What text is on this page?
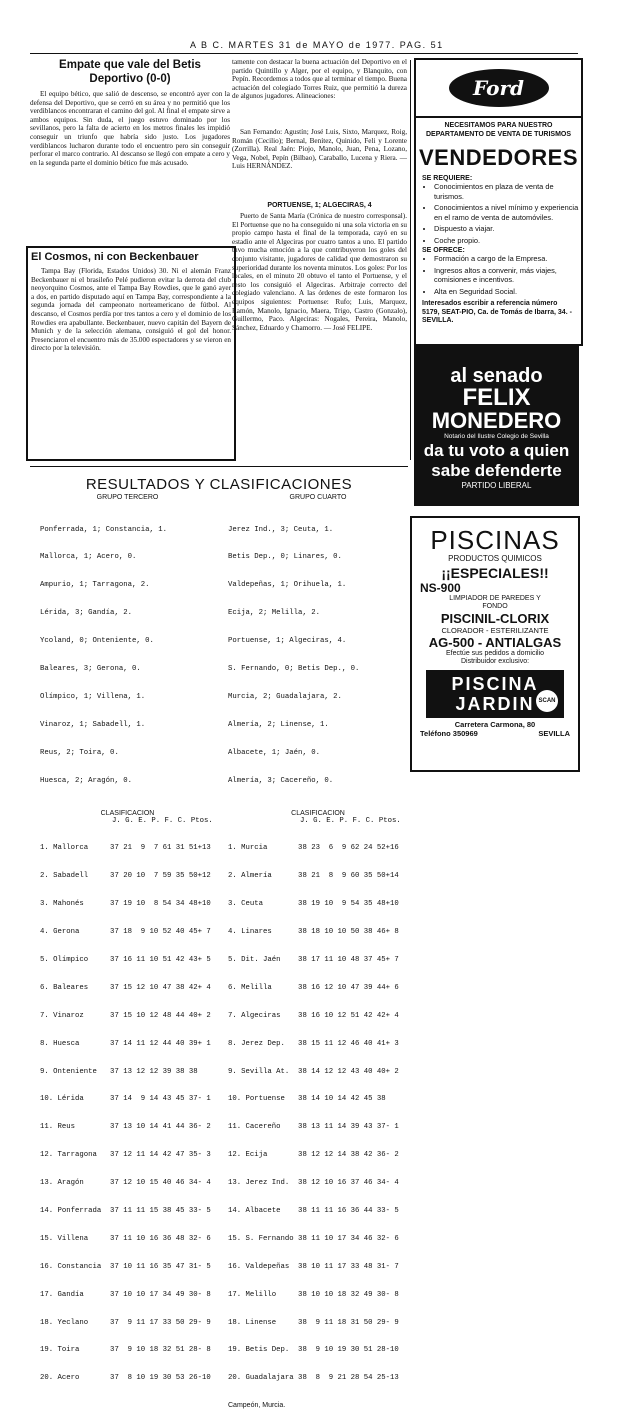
A B C. MARTES 31 de MAYO de 1977. PAG. 51
Empate que vale del Betis
Deportivo (0-0)
El equipo bético, que salió de descenso, se encontró ayer con la defensa del Deportivo, que se cerró en su área y no permitió que los verdiblancos encontraran el camino del gol. Al final el empate sirve a ambos equipos. Sin duda, el juego estuvo dominado por los sevillanos, pero la falta de acierto en los metros finales les impidió conseguir un triunfo que habría sido justo. Los jugadores verdiblancos lucharon durante todo el encuentro pero sin conseguir perforar el marco contrario. Al descanso se llegó con empate a cero y en la segunda parte el dominio bético fue más acusado.
El Cosmos, ni con Beckenbauer
Tampa Bay (Florida, Estados Unidos) 30. Ni el alemán Franz Beckenbauer ni el brasileño Pelé pudieron evitar la derrota del club neoyorquino Cosmos, ante el Tampa Bay Rowdies, que le ganó ayer a dos, en partido disputado aquí en Tampa Bay, correspondiente a la segunda jornada del campeonato norteamericano de fútbol. Al descanso, el Cosmos perdía por tres tantos a cero y el dominio de los Rowdies era apabullante. Beckenbauer, nuevo capitán del Bayern de Munich y de la selección alemana, consiguió el gol del honor. Presenciaron el encuentro más de 35.000 espectadores y se vieron en directo por la televisión.
tamente con destacar la buena actuación del Deportivo en el partido Quintillo y Alger, por el equipo, y Blanquito, con Pepín. Recordemos a todos que al terminar el tiempo. Buena actuación del colegiado Torres Ruiz, que permitió la dureza de algunos jugadores. Alineaciones:
San Fernando: Agustín; José Luis, Sixto, Marquez, Roig, Román (Cecilio); Bernal, Benítez, Quinido, Feli y Lorente (Zorrilla). Real Jaén: Piojo, Manolo, Juan, Pena, Lozano, Vega, Nobel, Pepín (Bilbao), Caraballo, Lucena y Riera. — Luis HERNÁNDEZ.
PORTUENSE, 1; ALGECIRAS, 4
Puerto de Santa María (Crónica de nuestro corresponsal). El Portuense que no ha conseguido ni una sola victoria en su propio campo hasta el final de la temporada, cayó en su estadio ante el Algeciras por cuatro tantos a uno. El partido tuvo mucha emoción a la que contribuyeron los goles del conjunto visitante, jugadores de calidad que demostraron su superioridad durante los noventa minutos. Los goles: Por los locales, en el minuto 20 obtuvo el tanto el Portuense, y el resto los consiguió el Algeciras. Arbitraje correcto del colegiado valenciano. A las órdenes de este formaron los equipos siguientes: Portuense: Rufo; Luis, Marquez, Ramón, Manolo, Ignacio, Maera, Trigo, Castro (Gonzalo), Guillermo, Paco. Algeciras: Nogales, Pereira, Manolo, Sánchez, Eduardo y Chamorro. — José FELIPE.
Ford
NECESITAMOS PARA NUESTRO DEPARTAMENTO DE VENTA DE TURISMOS
VENDEDORES
SE REQUIERE:
• Conocimientos en plaza de venta de turismos.
• Conocimientos a nivel mínimo y experiencia en el ramo de venta de automóviles.
• Dispuesto a viajar.
• Coche propio.
SE OFRECE:
• Formación a cargo de la Empresa.
• Ingresos altos a convenir, más viajes, comisiones e incentivos.
• Alta en Seguridad Social.
Interesados escribir a referencia número 5179, SEAT-PIO, Ca. de Tomás de Ibarra, 34. - SEVILLA.
al senado
FELIX
MONEDERO
Notario del Ilustre Colegio de Sevilla
da tu voto a quien
sabe defenderte
PARTIDO LIBERAL
RESULTADOS Y CLASIFICACIONES
GRUPO TERCERO

Ponferrada, 1; Constancia, 1.

Mallorca, 1; Acero, 0.

Ampurio, 1; Tarragona, 2.

Lérida, 3; Gandía, 2.

Ycoland, 0; Onteniente, 0.

Baleares, 3; Gerona, 0.

Olímpico, 1; Villena, 1.

Vinaroz, 1; Sabadell, 1.

Reus, 2; Toira, 0.

Huesca, 2; Aragón, 0.

CLASIFICACION
J. G. E. P. F. C. Ptos.

1. Mallorca     37 21  9  7 61 31 51+13

2. Sabadell     37 20 10  7 59 35 50+12

3. Mahonés      37 19 10  8 54 34 48+10

4. Gerona       37 18  9 10 52 40 45+ 7

5. Olímpico     37 16 11 10 51 42 43+ 5

6. Baleares     37 15 12 10 47 38 42+ 4

7. Vinaroz      37 15 10 12 48 44 40+ 2

8. Huesca       37 14 11 12 44 40 39+ 1

9. Onteniente   37 13 12 12 39 38 38

10. Lérida      37 14  9 14 43 45 37- 1

11. Reus        37 13 10 14 41 44 36- 2

12. Tarragona   37 12 11 14 42 47 35- 3

13. Aragón      37 12 10 15 40 46 34- 4

14. Ponferrada  37 11 11 15 38 45 33- 5

15. Villena     37 11 10 16 36 48 32- 6

16. Constancia  37 10 11 16 35 47 31- 5

17. Gandía      37 10 10 17 34 49 30- 8

18. Yeclano     37  9 11 17 33 50 29- 9

19. Toira       37  9 10 18 32 51 28- 8

20. Acero       37  8 10 19 30 53 26-10

GRUPO CUARTO

Jerez Ind., 3; Ceuta, 1.

Betis Dep., 0; Linares, 0.

Valdepeñas, 1; Orihuela, 1.

Ecija, 2; Melilla, 2.

Portuense, 1; Algeciras, 4.

S. Fernando, 0; Betis Dep., 0.

Murcia, 2; Guadalajara, 2.

Almería, 2; Linense, 1.

Albacete, 1; Jaén, 0.

Almería, 3; Cacereño, 0.

CLASIFICACION
J. G. E. P. F. C. Ptos.

1. Murcia       38 23  6  9 62 24 52+16

2. Almería      38 21  8  9 60 35 50+14

3. Ceuta        38 19 10  9 54 35 48+10

4. Linares      38 18 10 10 50 38 46+ 8

5. Dit. Jaén    38 17 11 10 48 37 45+ 7

6. Melilla      38 16 12 10 47 39 44+ 6

7. Algeciras    38 16 10 12 51 42 42+ 4

8. Jerez Dep.   38 15 11 12 46 40 41+ 3

9. Sevilla At.  38 14 12 12 43 40 40+ 2

10. Portuense   38 14 10 14 42 45 38

11. Cacereño    38 13 11 14 39 43 37- 1

12. Ecija       38 12 12 14 38 42 36- 2

13. Jerez Ind.  38 12 10 16 37 46 34- 4

14. Albacete    38 11 11 16 36 44 33- 5

15. S. Fernando 38 11 10 17 34 46 32- 6

16. Valdepeñas  38 10 11 17 33 48 31- 7

17. Melillo     38 10 10 18 32 49 30- 8

18. Linense     38  9 11 18 31 50 29- 9

19. Betis Dep.  38  9 10 19 30 51 28-10

20. Guadalajara 38  8  9 21 28 54 25-13

Campeón, Murcia.
PISCINAS
PRODUCTOS QUIMICOS
¡¡ESPECIALES!!
NS-900
LIMPIADOR DE PAREDES Y FONDO
PISCINIL-CLORIX
CLORADOR - ESTERILIZANTE
AG-500 - ANTIALGAS
Efectúe sus pedidos a domicilio Distribuidor exclusivo:
PISCINA
JARDIN SCAN
Carretera Carmona, 80
Teléfono 350969	SEVILLA
